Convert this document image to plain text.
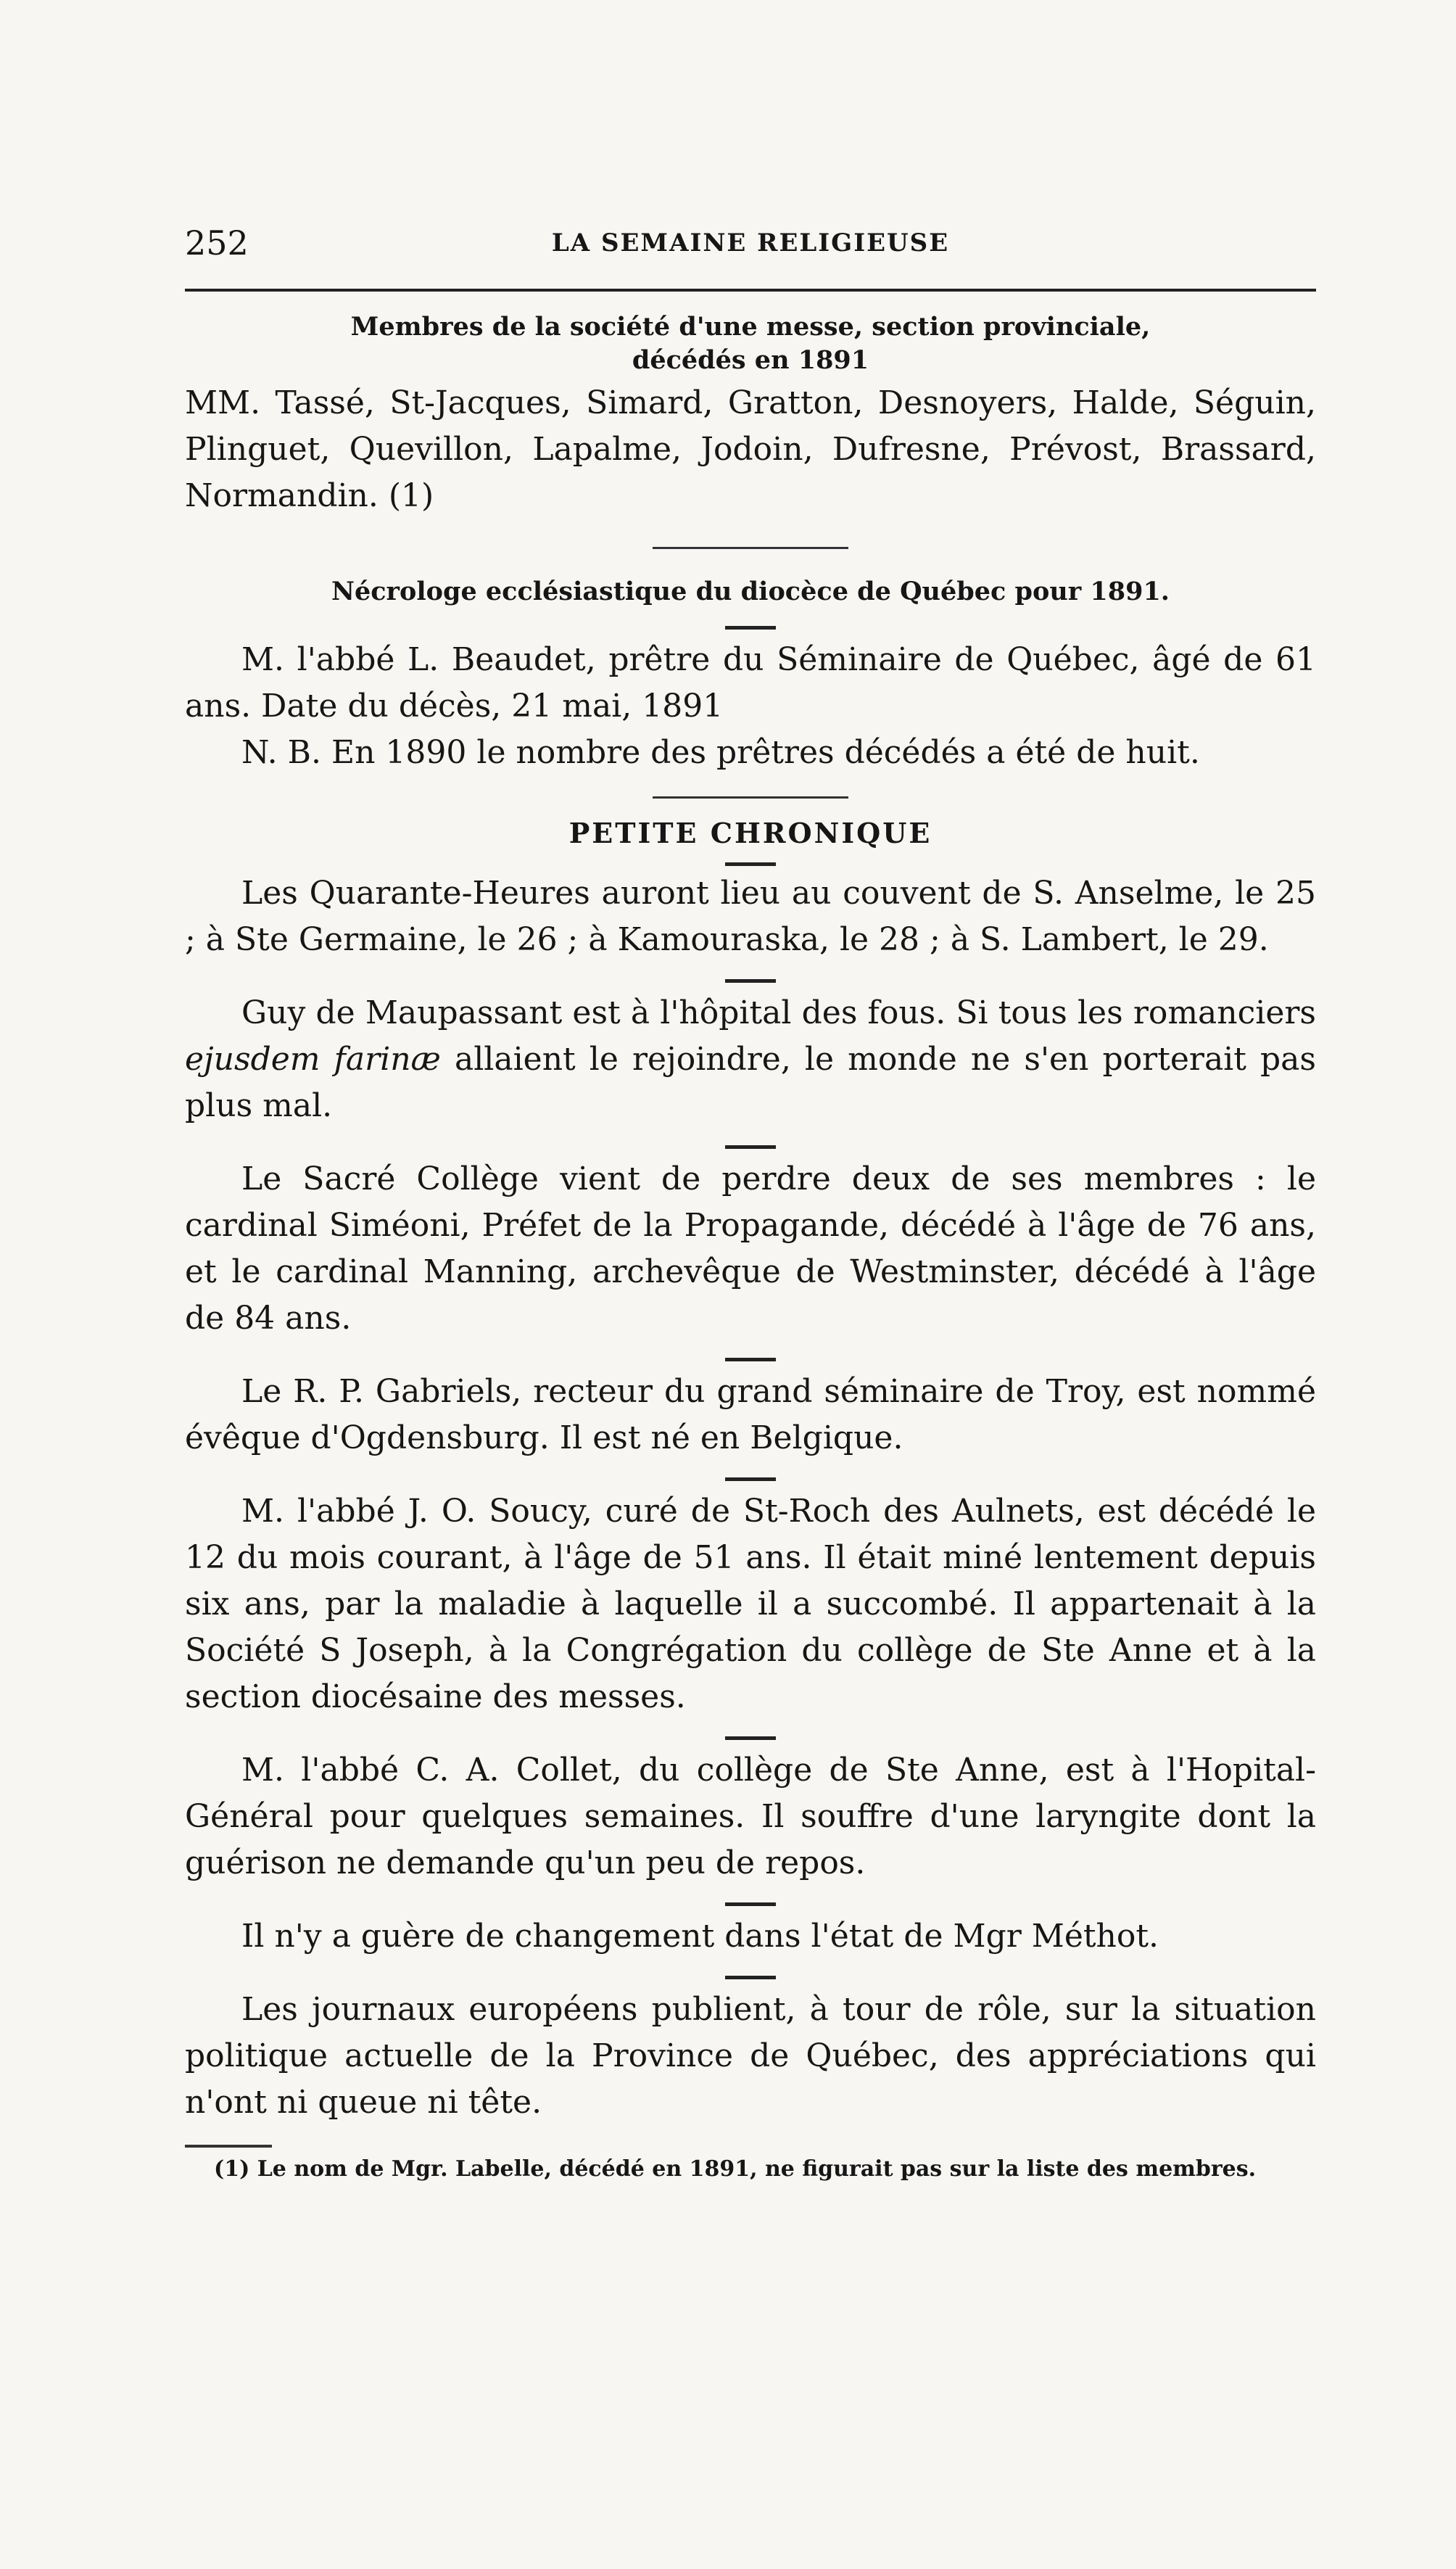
252	LA SEMAINE RELIGIEUSE
Membres de la société d'une messe, section provinciale,
décédés en 1891

MM. Tassé, St-Jacques, Simard, Gratton, Desnoyers, Halde, Séguin, Plinguet, Quevillon, Lapalme, Jodoin, Dufresne, Prévost, Brassard, Normandin. (1)

Nécrologe ecclésiastique du diocèce de Québec pour 1891.

M. l'abbé L. Beaudet, prêtre du Séminaire de Québec, âgé de 61 ans. Date du décès, 21 mai, 1891

N. B. En 1890 le nombre des prêtres décédés a été de huit.

PETITE CHRONIQUE

Les Quarante-Heures auront lieu au couvent de S. Anselme, le 25 ; à Ste Germaine, le 26 ; à Kamouraska, le 28 ; à S. Lambert, le 29.

Guy de Maupassant est à l'hôpital des fous. Si tous les romanciers ejusdem farinæ allaient le rejoindre, le monde ne s'en porterait pas plus mal.

Le Sacré Collège vient de perdre deux de ses membres : le cardinal Siméoni, Préfet de la Propagande, décédé à l'âge de 76 ans, et le cardinal Manning, archevêque de Westminster, décédé à l'âge de 84 ans.

Le R. P. Gabriels, recteur du grand séminaire de Troy, est nommé évêque d'Ogdensburg. Il est né en Belgique.

M. l'abbé J. O. Soucy, curé de St-Roch des Aulnets, est décédé le 12 du mois courant, à l'âge de 51 ans. Il était miné lentement depuis six ans, par la maladie à laquelle il a succombé. Il appartenait à la Société S Joseph, à la Congrégation du collège de Ste Anne et à la section diocésaine des messes.

M. l'abbé C. A. Collet, du collège de Ste Anne, est à l'Hopital-Général pour quelques semaines. Il souffre d'une laryngite dont la guérison ne demande qu'un peu de repos.

Il n'y a guère de changement dans l'état de Mgr Méthot.

Les journaux européens publient, à tour de rôle, sur la situation politique actuelle de la Province de Québec, des appréciations qui n'ont ni queue ni tête.

(1) Le nom de Mgr. Labelle, décédé en 1891, ne figurait pas sur la liste des membres.
